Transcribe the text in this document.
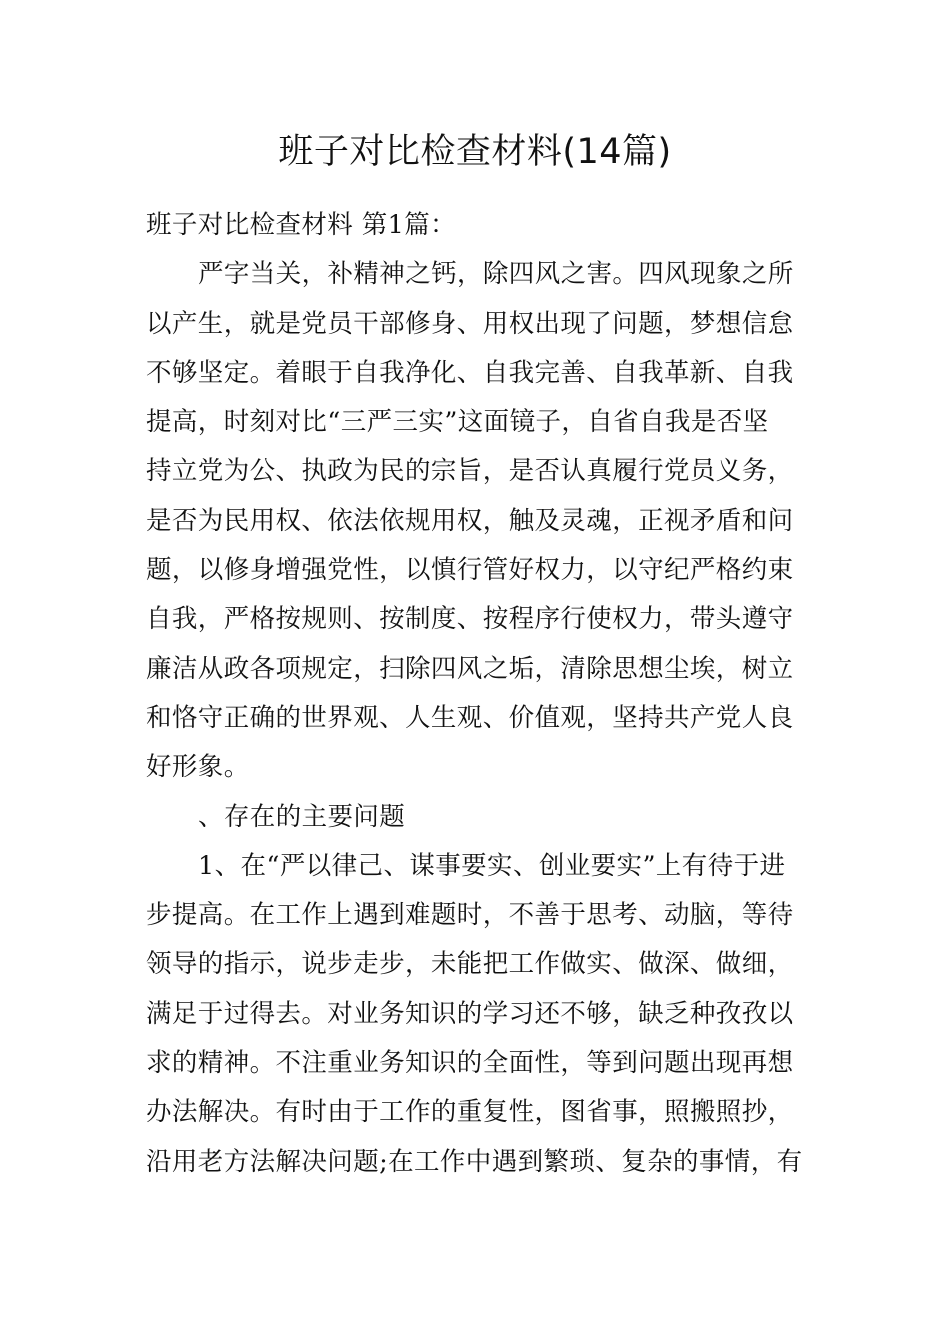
班子对比检查材料(14篇)
班子对比检查材料 第1篇：
严字当关，补精神之钙，除四风之害。四风现象之所
以产生，就是党员干部修身、用权出现了问题，梦想信怠
不够坚定。着眼于自我净化、自我完善、自我革新、自我
提高，时刻对比“三严三实”这面镜子，自省自我是否坚
持立党为公、执政为民的宗旨，是否认真履行党员义务，
是否为民用权、依法依规用权，触及灵魂，正视矛盾和问
题，以修身增强党性，以慎行管好权力，以守纪严格约束
自我，严格按规则、按制度、按程序行使权力，带头遵守
廉洁从政各项规定，扫除四风之垢，清除思想尘埃，树立
和恪守正确的世界观、人生观、价值观，坚持共产党人良
好形象。
、存在的主要问题
1、在“严以律己、谋事要实、创业要实”上有待于进
步提高。在工作上遇到难题时，不善于思考、动脑，等待
领导的指示，说步走步，未能把工作做实、做深、做细，
满足于过得去。对业务知识的学习还不够，缺乏种孜孜以
求的精神。不注重业务知识的全面性，等到问题出现再想
办法解决。有时由于工作的重复性，图省事，照搬照抄，
沿用老方法解决问题;在工作中遇到繁琐、复杂的事情，有
